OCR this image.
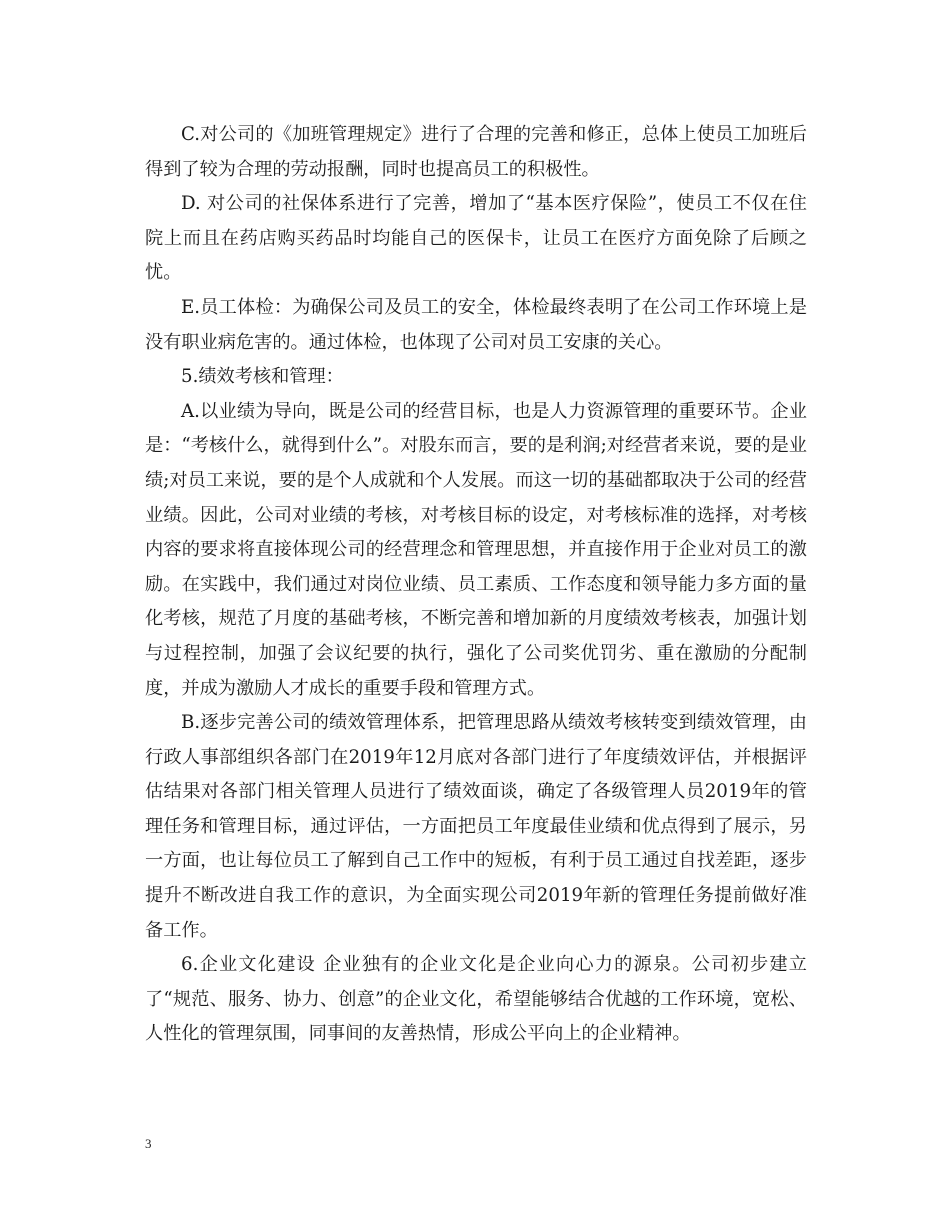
C.对公司的《加班管理规定》进行了合理的完善和修正，总体上使员工加班后得到了较为合理的劳动报酬，同时也提高员工的积极性。

D. 对公司的社保体系进行了完善，增加了“基本医疗保险”，使员工不仅在住院上而且在药店购买药品时均能自己的医保卡，让员工在医疗方面免除了后顾之忧。

E.员工体检：为确保公司及员工的安全，体检最终表明了在公司工作环境上是没有职业病危害的。通过体检，也体现了公司对员工安康的关心。

5.绩效考核和管理：

A.以业绩为导向，既是公司的经营目标，也是人力资源管理的重要环节。企业是：“考核什么，就得到什么”。对股东而言，要的是利润;对经营者来说，要的是业绩;对员工来说，要的是个人成就和个人发展。而这一切的基础都取决于公司的经营业绩。因此，公司对业绩的考核，对考核目标的设定，对考核标准的选择，对考核内容的要求将直接体现公司的经营理念和管理思想，并直接作用于企业对员工的激励。在实践中，我们通过对岗位业绩、员工素质、工作态度和领导能力多方面的量化考核，规范了月度的基础考核，不断完善和增加新的月度绩效考核表，加强计划与过程控制，加强了会议纪要的执行，强化了公司奖优罚劣、重在激励的分配制度，并成为激励人才成长的重要手段和管理方式。

B.逐步完善公司的绩效管理体系，把管理思路从绩效考核转变到绩效管理，由行政人事部组织各部门在2019年12月底对各部门进行了年度绩效评估，并根据评估结果对各部门相关管理人员进行了绩效面谈，确定了各级管理人员2019年的管理任务和管理目标，通过评估，一方面把员工年度最佳业绩和优点得到了展示，另一方面，也让每位员工了解到自己工作中的短板，有利于员工通过自找差距，逐步提升不断改进自我工作的意识，为全面实现公司2019年新的管理任务提前做好准备工作。

6.企业文化建设 企业独有的企业文化是企业向心力的源泉。公司初步建立了“规范、服务、协力、创意”的企业文化，希望能够结合优越的工作环境，宽松、人性化的管理氛围，同事间的友善热情，形成公平向上的企业精神。

3
